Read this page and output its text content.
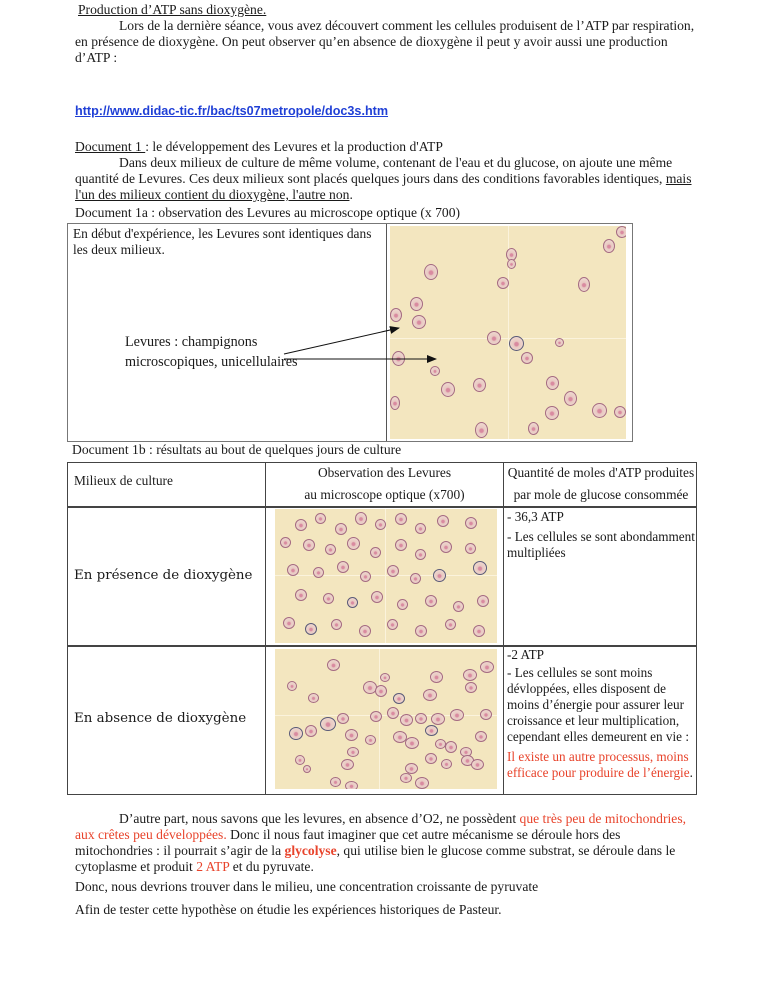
Production d’ATP sans dioxygène.

Lors de la dernière séance, vous avez découvert comment les cellules produisent de l’ATP par respiration, en présence de dioxygène. On peut observer qu’en absence de dioxygène il peut y avoir aussi une production d’ATP :

http://www.didac-tic.fr/bac/ts07metropole/doc3s.htm

Document 1 : le développement des Levures et la production d'ATP

Dans deux milieux de culture de même volume, contenant de l'eau et du glucose, on ajoute une même quantité de Levures. Ces deux milieux sont placés quelques jours dans des conditions favorables identiques, mais l'un des milieux contient du dioxygène, l'autre non.

Document 1a : observation des Levures au microscope optique (x 700)

En début d'expérience, les Levures sont identiques dans les deux milieux.
Levures : champignons
microscopiques, unicellulaires

Document 1b : résultats au bout de quelques jours de culture

Milieux de culture
Observation des Levures
au microscope optique (x700)
Quantité de moles d'ATP produites
par mole de glucose consommée
En présence de dioxygène
- 36,3 ATP
- Les cellules se sont abondamment multipliées
En absence de dioxygène
-2 ATP
- Les cellules se sont moins dévloppées, elles disposent de moins d’énergie pour assurer leur croissance et leur multiplication, cependant elles demeurent en vie :
Il existe un autre processus, moins efficace pour produire de l’énergie.

D’autre part, nous savons que les levures, en absence d’O2, ne possèdent que très peu de mitochondries, aux crêtes peu développées. Donc il nous faut imaginer que cet autre mécanisme se déroule hors des mitochondries : il pourrait s’agir de la glycolyse, qui utilise bien le glucose comme substrat, se déroule dans le cytoplasme et produit 2 ATP et du pyruvate.

Donc, nous devrions trouver dans le milieu, une concentration croissante de pyruvate

Afin de tester cette hypothèse on étudie les expériences historiques de Pasteur.
